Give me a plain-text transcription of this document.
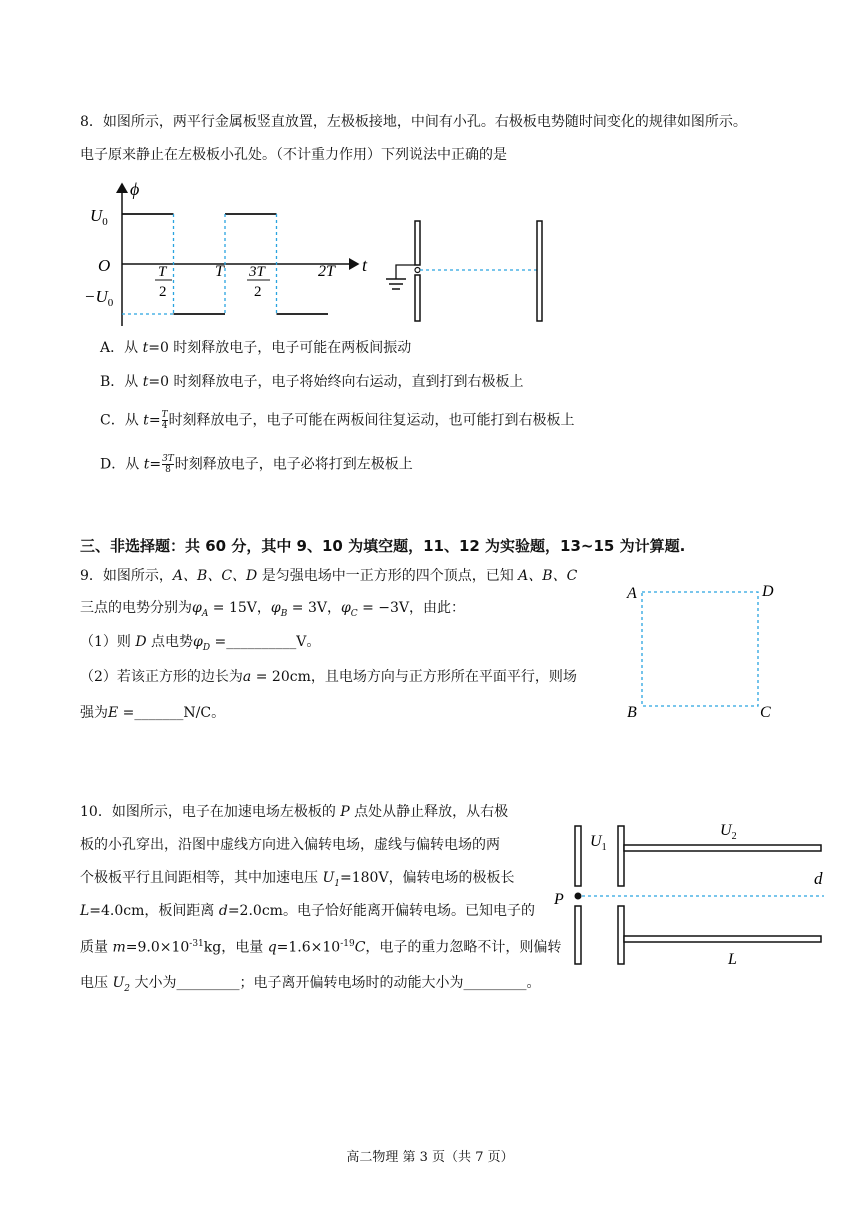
8．如图所示，两平行金属板竖直放置，左极板接地，中间有小孔。右极板电势随时间变化的规律如图所示。
电子原来静止在左极板小孔处。（不计重力作用）下列说法中正确的是
ϕ
t
O
$U_0$
$-U_0$
T
2
T 3T
2
2T
A．从 t=0 时刻释放电子，电子可能在两板间振动
B．从 t=0 时刻释放电子，电子将始终向右运动，直到打到右极板上
C．从 $t= \frac{T}{4}$ 时刻释放电子，电子可能在两板间往复运动，也可能打到右极板上
D．从 $t= \frac{3T}{8}$ 时刻释放电子，电子必将打到左极板上
三、非选择题：共 60 分，其中 9、10 为填空题，11、12 为实验题，13~15 为计算题.
9．如图所示，A、B、C、D 是匀强电场中一正方形的四个顶点，已知 A、B、C
三点的电势分别为$\varphi_A = 15V$，$\varphi_B = 3V$，$\varphi_C = -3V$，由此：
（1）则 D 点电势$\varphi_D$ =__________V。
（2）若该正方形的边长为a = 20cm，且电场方向与正方形所在平面平行，则场
强为E =_______N/C。
A	D
B	C
10．如图所示，电子在加速电场左极板的 P 点处从静止释放，从右极
板的小孔穿出，沿图中虚线方向进入偏转电场，虚线与偏转电场的两
个极板平行且间距相等，其中加速电压 $U_1=180V$，偏转电场的极板长
L=4.0cm，板间距离 d=2.0cm。电子恰好能离开偏转电场。已知电子的
质量 $m=9.0\times 10^{-31}kg$，电量 $q=1.6\times 10^{-19}C$，电子的重力忽略不计，则偏转
电压 $U_2$ 大小为_________；电子离开偏转电场时的动能大小为_________。
$U_1$
$U_2$
P
d
L
高二物理 第 3 页（共 7 页）
